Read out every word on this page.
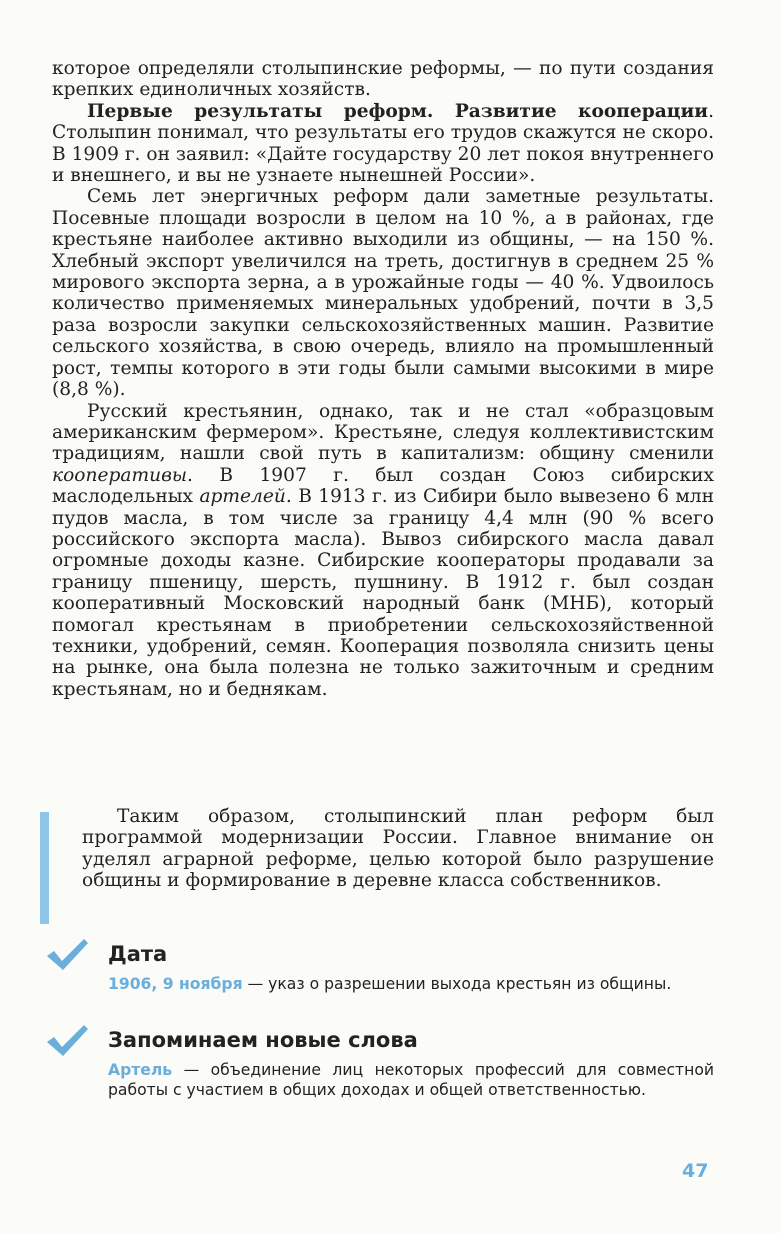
которое определяли столыпинские реформы, — по пути создания крепких единоличных хозяйств.

Первые результаты реформ. Развитие кооперации. Столыпин понимал, что результаты его трудов скажутся не скоро. В 1909 г. он заявил: «Дайте государству 20 лет покоя внутреннего и внешнего, и вы не узнаете нынешней России».

Семь лет энергичных реформ дали заметные результаты. Посевные площади возросли в целом на 10 %, а в районах, где крестьяне наиболее активно выходили из общины, — на 150 %. Хлебный экспорт увеличился на треть, достигнув в среднем 25 % мирового экспорта зерна, а в урожайные годы — 40 %. Удвоилось количество применяемых минеральных удобрений, почти в 3,5 раза возросли закупки сельскохозяйственных машин. Развитие сельского хозяйства, в свою очередь, влияло на промышленный рост, темпы которого в эти годы были самыми высокими в мире (8,8 %).

Русский крестьянин, однако, так и не стал «образцовым американским фермером». Крестьяне, следуя коллективистским традициям, нашли свой путь в капитализм: общину сменили кооперативы. В 1907 г. был создан Союз сибирских маслодельных артелей. В 1913 г. из Сибири было вывезено 6 млн пудов масла, в том числе за границу 4,4 млн (90 % всего российского экспорта масла). Вывоз сибирского масла давал огромные доходы казне. Сибирские кооператоры продавали за границу пшеницу, шерсть, пушнину. В 1912 г. был создан кооперативный Московский народный банк (МНБ), который помогал крестьянам в приобретении сельскохозяйственной техники, удобрений, семян. Кооперация позволяла снизить цены на рынке, она была полезна не только зажиточным и средним крестьянам, но и беднякам.

Таким образом, столыпинский план реформ был программой модернизации России. Главное внимание он уделял аграрной реформе, целью которой было разрушение общины и формирование в деревне класса собственников.

Дата
1906, 9 ноября — указ о разрешении выхода крестьян из общины.
Запоминаем новые слова
Артель — объединение лиц некоторых профессий для совместной работы с участием в общих доходах и общей ответственностью.
47
